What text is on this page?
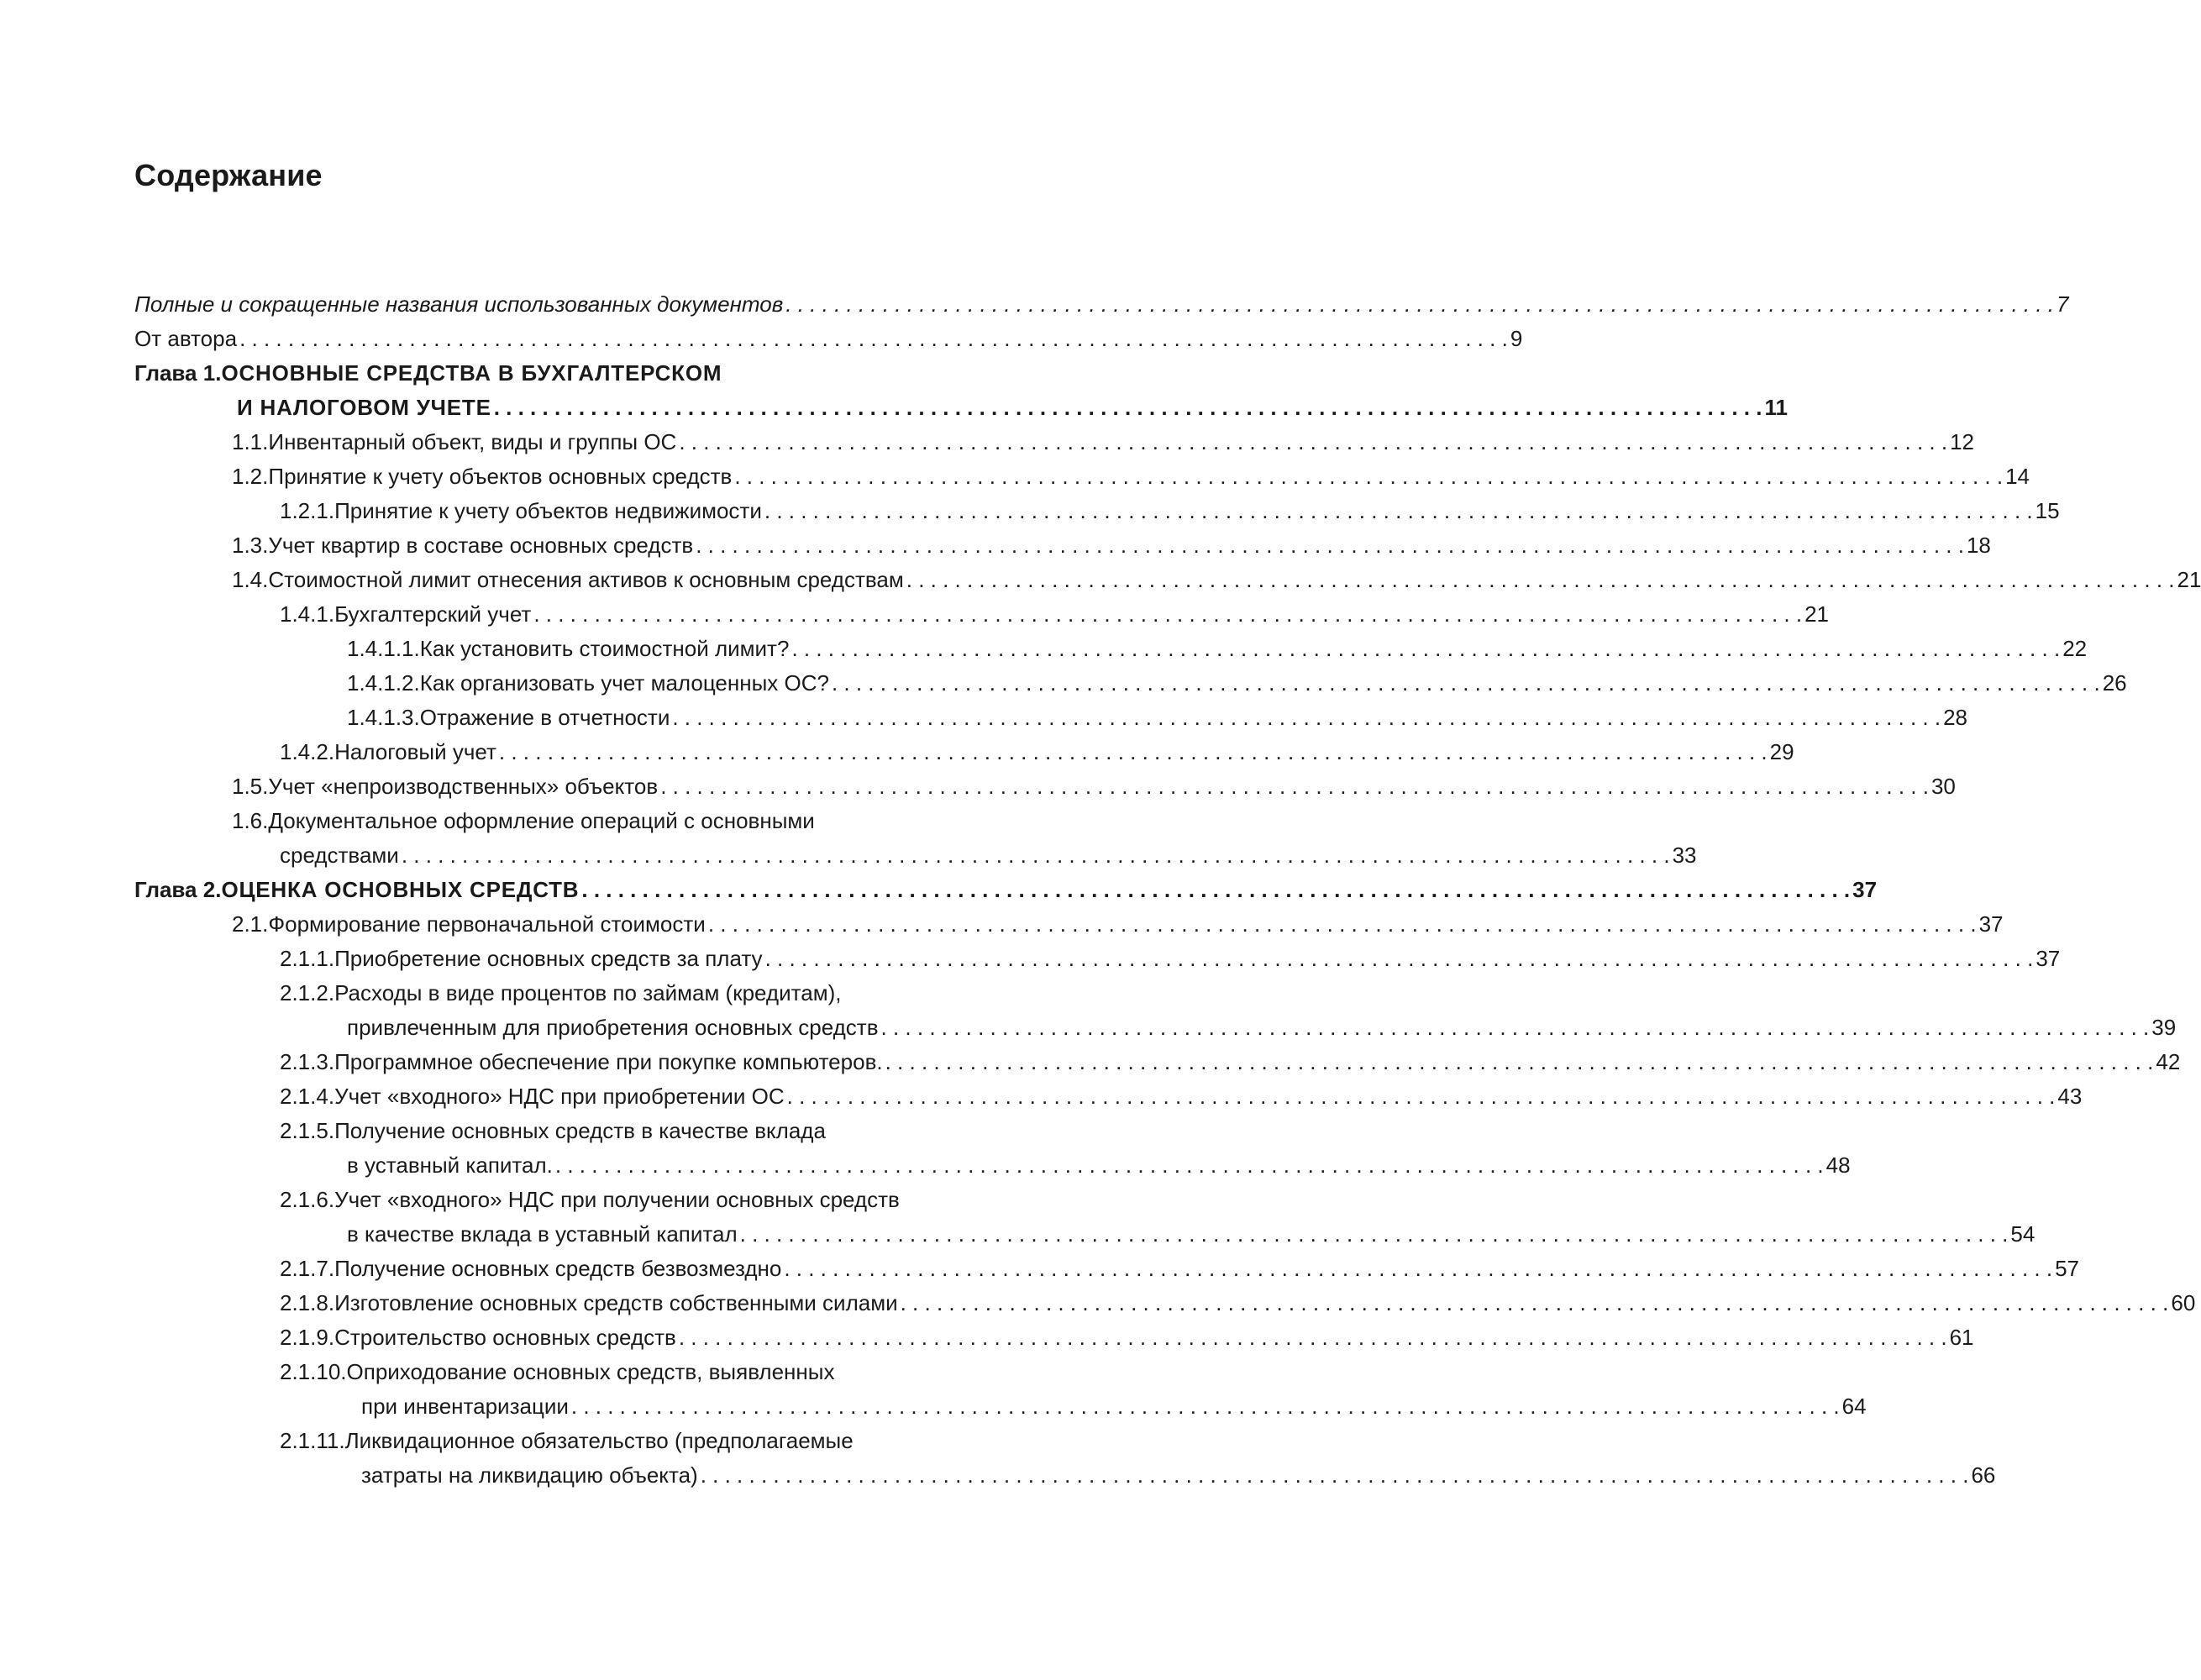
Содержание
Полные и сокращенные названия использованных документов . . .	7
От автора . . .	9
Глава 1. ОСНОВНЫЕ СРЕДСТВА В БУХГАЛТЕРСКОМ
И НАЛОГОВОМ УЧЕТЕ . . .	11
1.1. Инвентарный объект, виды и группы ОС . . .	12
1.2. Принятие к учету объектов основных средств . . .	14
1.2.1. Принятие к учету объектов недвижимости . . .	15
1.3. Учет квартир в составе основных средств . . .	18
1.4. Стоимостной лимит отнесения активов к основным средствам . . .	21
1.4.1. Бухгалтерский учет . . .	21
1.4.1.1. Как установить стоимостной лимит? . . .	22
1.4.1.2. Как организовать учет малоценных ОС? . . .	26
1.4.1.3. Отражение в отчетности . . .	28
1.4.2. Налоговый учет . . .	29
1.5. Учет «непроизводственных» объектов . . .	30
1.6. Документальное оформление операций с основными
средствами . . .	33
Глава 2. ОЦЕНКА ОСНОВНЫХ СРЕДСТВ . . .	37
2.1. Формирование первоначальной стоимости . . .	37
2.1.1. Приобретение основных средств за плату . . .	37
2.1.2. Расходы в виде процентов по займам (кредитам),
привлеченным для приобретения основных средств . . .	39
2.1.3. Программное обеспечение при покупке компьютеров. . . .	42
2.1.4. Учет «входного» НДС при приобретении ОС . . .	43
2.1.5. Получение основных средств в качестве вклада
в уставный капитал. . . .	48
2.1.6. Учет «входного» НДС при получении основных средств
в качестве вклада в уставный капитал . . .	54
2.1.7. Получение основных средств безвозмездно . . .	57
2.1.8. Изготовление основных средств собственными силами . . .	60
2.1.9. Строительство основных средств . . .	61
2.1.10. Оприходование основных средств, выявленных
при инвентаризации . . .	64
2.1.11. Ликвидационное обязательство (предполагаемые
затраты на ликвидацию объекта) . . .	66
